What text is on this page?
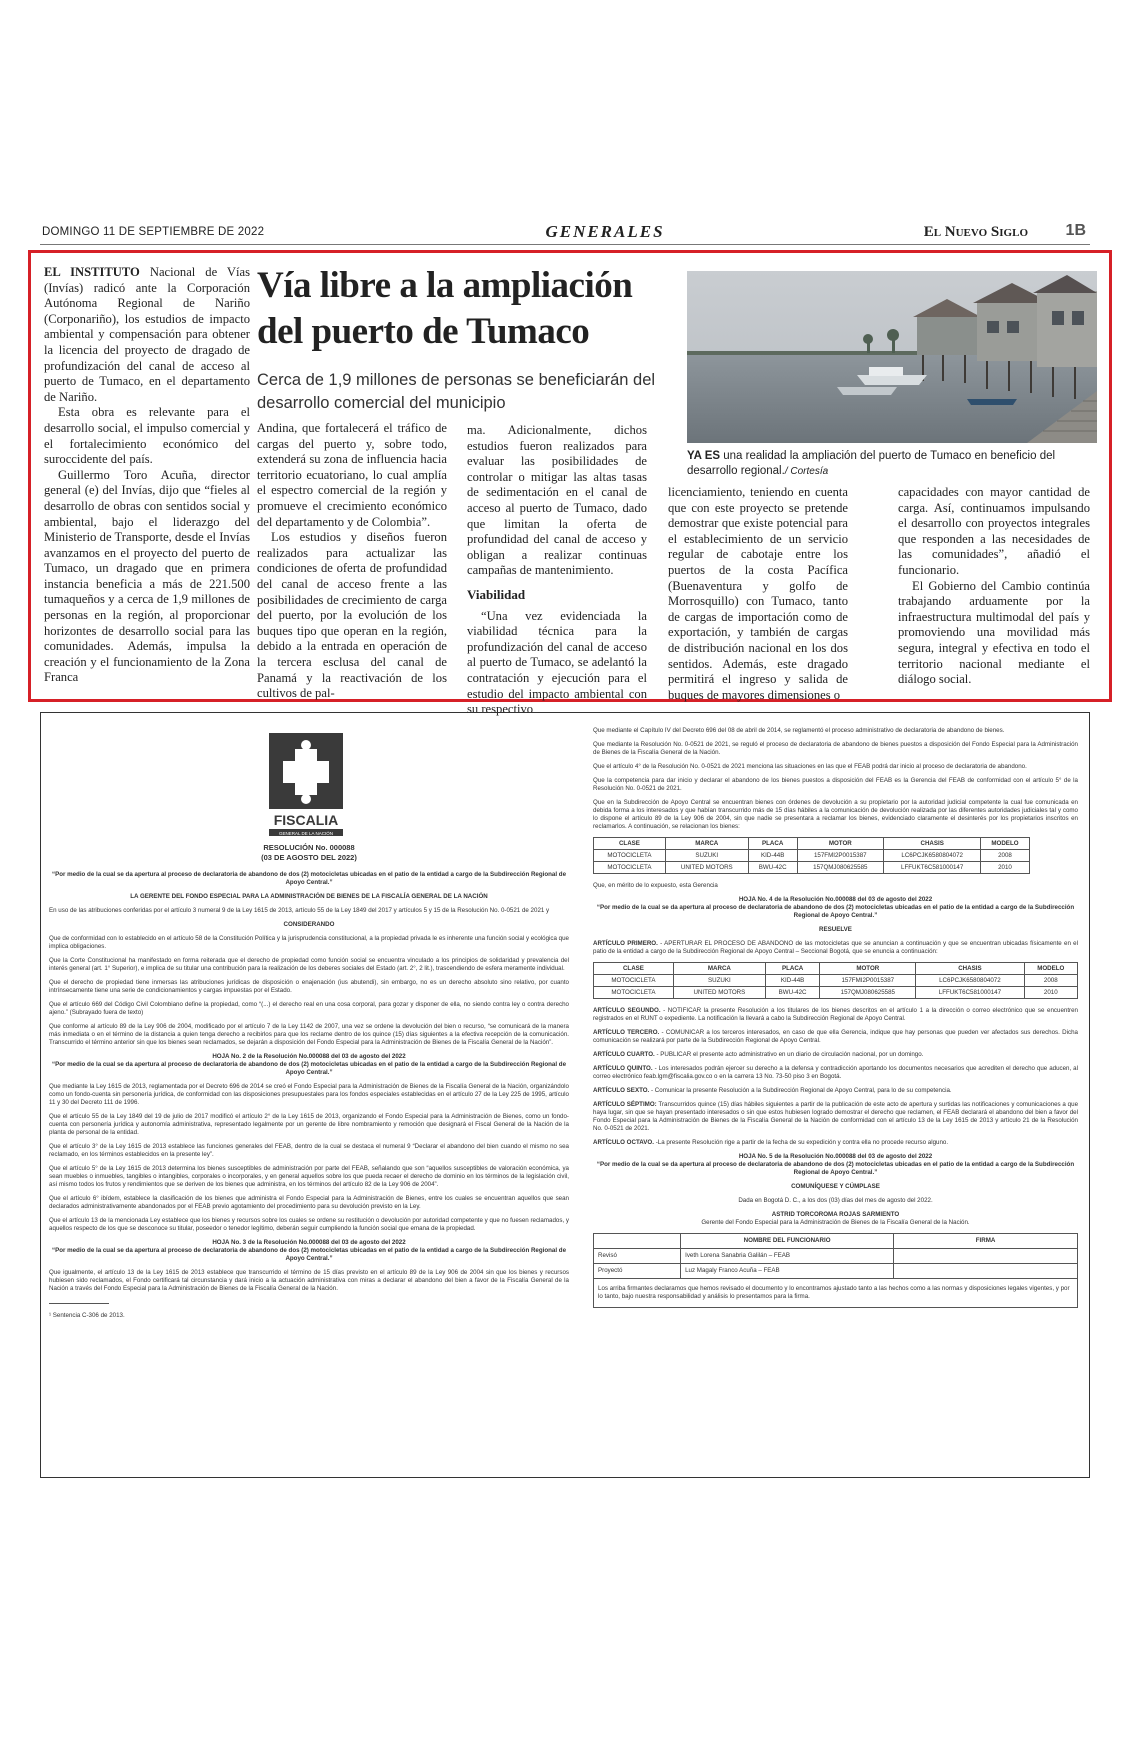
DOMINGO 11 DE SEPTIEMBRE DE 2022	GENERALES	El Nuevo Siglo 1B

EL INSTITUTO Nacional de Vías (Invías) radicó ante la Corporación Autónoma Regional de Nariño (Corponariño), los estudios de impacto ambiental y compensación para obtener la licencia del proyecto de dragado de profundización del canal de acceso al puerto de Tumaco, en el departamento de Nariño.

Esta obra es relevante para el desarrollo social, el impulso comercial y el fortalecimiento económico del suroccidente del país.

Guillermo Toro Acuña, director general (e) del Invías, dijo que “fieles al desarrollo de obras con sentidos social y ambiental, bajo el liderazgo del Ministerio de Transporte, desde el Invías avanzamos en el proyecto del puerto de Tumaco, un dragado que en primera instancia beneficia a más de 221.500 tumaqueños y a cerca de 1,9 millones de personas en la región, al proporcionar horizontes de desarrollo social para las comunidades. Además, impulsa la creación y el funcionamiento de la Zona Franca

Vía libre a la ampliación del puerto de Tumaco
Cerca de 1,9 millones de personas se beneficiarán del desarrollo comercial del municipio

Andina, que fortalecerá el tráfico de cargas del puerto y, sobre todo, extenderá su zona de influencia hacia territorio ecuatoriano, lo cual amplía el espectro comercial de la región y promueve el crecimiento económico del departamento y de Colombia”.

Los estudios y diseños fueron realizados para actualizar las condiciones de oferta de profundidad del canal de acceso frente a las posibilidades de crecimiento de carga del puerto, por la evolución de los buques tipo que operan en la región, debido a la entrada en operación de la tercera esclusa del canal de Panamá y la reactivación de los cultivos de pal-

ma. Adicionalmente, dichos estudios fueron realizados para evaluar las posibilidades de controlar o mitigar las altas tasas de sedimentación en el canal de acceso al puerto de Tumaco, dado que limitan la oferta de profundidad del canal de acceso y obligan a realizar continuas campañas de mantenimiento.

Viabilidad

“Una vez evidenciada la viabilidad técnica para la profundización del canal de acceso al puerto de Tumaco, se adelantó la contratación y ejecución para el estudio del impacto ambiental con su respectivo

YA ES una realidad la ampliación del puerto de Tumaco en beneficio del desarrollo regional./ Cortesía

licenciamiento, teniendo en cuenta que con este proyecto se pretende demostrar que existe potencial para el establecimiento de un servicio regular de cabotaje entre los puertos de la costa Pacífica (Buenaventura y golfo de Morrosquillo) con Tumaco, tanto de cargas de importación como de exportación, y también de cargas de distribución nacional en los dos sentidos. Además, este dragado permitirá el ingreso y salida de buques de mayores dimensiones o

capacidades con mayor cantidad de carga. Así, continuamos impulsando el desarrollo con proyectos integrales que responden a las necesidades de las comunidades”, añadió el funcionario.

El Gobierno del Cambio continúa trabajando arduamente por la infraestructura multimodal del país y promoviendo una movilidad más segura, integral y efectiva en todo el territorio nacional mediante el diálogo social.

FISCALIA
GENERAL DE LA NACIÓN

RESOLUCIÓN No. 000088
(03 DE AGOSTO DEL 2022)

“Por medio de la cual se da apertura al proceso de declaratoria de abandono de dos (2) motocicletas ubicadas en el patio de la entidad a cargo de la Subdirección Regional de Apoyo Central.”

LA GERENTE DEL FONDO ESPECIAL PARA LA ADMINISTRACIÓN DE BIENES DE LA FISCALÍA GENERAL DE LA NACIÓN

En uso de las atribuciones conferidas por el artículo 3 numeral 9 de la Ley 1615 de 2013, artículo 55 de la Ley 1849 del 2017 y artículos 5 y 15 de la Resolución No. 0-0521 de 2021 y

CONSIDERANDO

Que de conformidad con lo establecido en el artículo 58 de la Constitución Política y la jurisprudencia constitucional, a la propiedad privada le es inherente una función social y ecológica que implica obligaciones.

Que la Corte Constitucional ha manifestado en forma reiterada que el derecho de propiedad como función social se encuentra vinculado a los principios de solidaridad y prevalencia del interés general (art. 1° Superior), e implica de su titular una contribución para la realización de los deberes sociales del Estado (art. 2°, 2 lit.), trascendiendo de esfera meramente individual.

Que el derecho de propiedad tiene inmersas las atribuciones jurídicas de disposición o enajenación (ius abutendi), sin embargo, no es un derecho absoluto sino relativo, por cuanto intrínsecamente tiene una serie de condicionamientos y cargas impuestas por el Estado.

Que el artículo 669 del Código Civil Colombiano define la propiedad, como “(...) el derecho real en una cosa corporal, para gozar y disponer de ella, no siendo contra ley o contra derecho ajeno.” (Subrayado fuera de texto)

Que conforme al artículo 89 de la Ley 906 de 2004, modificado por el artículo 7 de la Ley 1142 de 2007, una vez se ordene la devolución del bien o recurso, “se comunicará de la manera más inmediata o en el término de la distancia a quien tenga derecho a recibirlos para que los reclame dentro de los quince (15) días siguientes a la efectiva recepción de la comunicación. Transcurrido el término anterior sin que los bienes sean reclamados, se dejarán a disposición del Fondo Especial para la Administración de Bienes de la Fiscalía General de la Nación”.

HOJA No. 2 de la Resolución No.000088 del 03 de agosto del 2022
“Por medio de la cual se da apertura al proceso de declaratoria de abandono de dos (2) motocicletas ubicadas en el patio de la entidad a cargo de la Subdirección Regional de Apoyo Central.”

Que mediante la Ley 1615 de 2013, reglamentada por el Decreto 696 de 2014 se creó el Fondo Especial para la Administración de Bienes de la Fiscalía General de la Nación, organizándolo como un fondo-cuenta sin personería jurídica, de conformidad con las disposiciones presupuestales para los fondos especiales establecidas en el artículo 27 de la Ley 225 de 1995, artículo 11 y 30 del Decreto 111 de 1996.

Que el artículo 55 de la Ley 1849 del 19 de julio de 2017 modificó el artículo 2° de la Ley 1615 de 2013, organizando el Fondo Especial para la Administración de Bienes, como un fondo-cuenta con personería jurídica y autonomía administrativa, representado legalmente por un gerente de libre nombramiento y remoción que designará el Fiscal General de la Nación de la planta de personal de la entidad.

Que el artículo 3° de la Ley 1615 de 2013 establece las funciones generales del FEAB, dentro de la cual se destaca el numeral 9 “Declarar el abandono del bien cuando el mismo no sea reclamado, en los términos establecidos en la presente ley”.

Que el artículo 5° de la Ley 1615 de 2013 determina los bienes susceptibles de administración por parte del FEAB, señalando que son “aquellos susceptibles de valoración económica, ya sean muebles o inmuebles, tangibles o intangibles, corporales o incorporales, y en general aquellos sobre los que pueda recaer el derecho de dominio en los términos de la legislación civil, así mismo todos los frutos y rendimientos que se deriven de los bienes que administra, en los términos del artículo 82 de la Ley 906 de 2004”.

Que el artículo 6° ibídem, establece la clasificación de los bienes que administra el Fondo Especial para la Administración de Bienes, entre los cuales se encuentran aquellos que sean declarados administrativamente abandonados por el FEAB previo agotamiento del procedimiento para su devolución previsto en la Ley.

Que el artículo 13 de la mencionada Ley establece que los bienes y recursos sobre los cuales se ordene su restitución o devolución por autoridad competente y que no fuesen reclamados, y aquellos respecto de los que se desconoce su titular, poseedor o tenedor legítimo, deberán seguir cumpliendo la función social que emana de la propiedad.

HOJA No. 3 de la Resolución No.000088 del 03 de agosto del 2022
“Por medio de la cual se da apertura al proceso de declaratoria de abandono de dos (2) motocicletas ubicadas en el patio de la entidad a cargo de la Subdirección Regional de Apoyo Central.”

Que igualmente, el artículo 13 de la Ley 1615 de 2013 establece que transcurrido el término de 15 días previsto en el artículo 89 de la Ley 906 de 2004 sin que los bienes y recursos hubiesen sido reclamados, el Fondo certificará tal circunstancia y dará inicio a la actuación administrativa con miras a declarar el abandono del bien a favor de la Fiscalía General de la Nación a través del Fondo Especial para la Administración de Bienes de la Fiscalía General de la Nación.

¹ Sentencia C-306 de 2013.

Que mediante el Capítulo IV del Decreto 696 del 08 de abril de 2014, se reglamentó el proceso administrativo de declaratoria de abandono de bienes.

Que mediante la Resolución No. 0-0521 de 2021, se reguló el proceso de declaratoria de abandono de bienes puestos a disposición del Fondo Especial para la Administración de Bienes de la Fiscalía General de la Nación.

Que el artículo 4° de la Resolución No. 0-0521 de 2021 menciona las situaciones en las que el FEAB podrá dar inicio al proceso de declaratoria de abandono.

Que la competencia para dar inicio y declarar el abandono de los bienes puestos a disposición del FEAB es la Gerencia del FEAB de conformidad con el artículo 5° de la Resolución No. 0-0521 de 2021.

Que en la Subdirección de Apoyo Central se encuentran bienes con órdenes de devolución a su propietario por la autoridad judicial competente la cual fue comunicada en debida forma a los interesados y que habían transcurrido más de 15 días hábiles a la comunicación de devolución realizada por las diferentes autoridades judiciales tal y como lo dispone el artículo 89 de la Ley 906 de 2004, sin que nadie se presentara a reclamar los bienes, evidenciado claramente el desinterés por los propietarios inscritos en reclamarlos. A continuación, se relacionan los bienes:

CLASE	MARCA	PLACA	MOTOR	CHASIS	MODELO
MOTOCICLETA	SUZUKI	KID-44B	157FMI2P0015387	LC6PCJK6580804072	2008
MOTOCICLETA	UNITED MOTORS	BWU-42C	157QMJ080625585	LFFUKT6C581000147	2010

Que, en mérito de lo expuesto, esta Gerencia

HOJA No. 4 de la Resolución No.000088 del 03 de agosto del 2022
“Por medio de la cual se da apertura al proceso de declaratoria de abandono de dos (2) motocicletas ubicadas en el patio de la entidad a cargo de la Subdirección Regional de Apoyo Central.”

RESUELVE

ARTÍCULO PRIMERO. - APERTURAR EL PROCESO DE ABANDONO de las motocicletas que se anuncian a continuación y que se encuentran ubicadas físicamente en el patio de la entidad a cargo de la Subdirección Regional de Apoyo Central – Seccional Bogotá, que se enuncia a continuación:

CLASE	MARCA	PLACA	MOTOR	CHASIS	MODELO
MOTOCICLETA	SUZUKI	KID-44B	157FMI2P0015387	LC6PCJK6580804072	2008
MOTOCICLETA	UNITED MOTORS	BWU-42C	157QMJ080625585	LFFUKT6C581000147	2010

ARTÍCULO SEGUNDO. - NOTIFICAR la presente Resolución a los titulares de los bienes descritos en el artículo 1 a la dirección o correo electrónico que se encuentren registrados en el RUNT o expediente. La notificación la llevará a cabo la Subdirección Regional de Apoyo Central.

ARTÍCULO TERCERO. - COMUNICAR a los terceros interesados, en caso de que ella Gerencia, indique que hay personas que pueden ver afectados sus derechos. Dicha comunicación se realizará por parte de la Subdirección Regional de Apoyo Central.

ARTÍCULO CUARTO. - PUBLICAR el presente acto administrativo en un diario de circulación nacional, por un domingo.

ARTÍCULO QUINTO. - Los interesados podrán ejercer su derecho a la defensa y contradicción aportando los documentos necesarios que acrediten el derecho que aducen, al correo electrónico feab.lgm@fiscalia.gov.co o en la carrera 13 No. 73-50 piso 3 en Bogotá.

ARTÍCULO SEXTO. - Comunicar la presente Resolución a la Subdirección Regional de Apoyo Central, para lo de su competencia.

ARTÍCULO SÉPTIMO: Transcurridos quince (15) días hábiles siguientes a partir de la publicación de este acto de apertura y surtidas las notificaciones y comunicaciones a que haya lugar, sin que se hayan presentado interesados o sin que estos hubiesen logrado demostrar el derecho que reclamen, el FEAB declarará el abandono del bien a favor del Fondo Especial para la Administración de Bienes de la Fiscalía General de la Nación de conformidad con el artículo 13 de la Ley 1615 de 2013 y artículo 21 de la Resolución No. 0-0521 de 2021.

ARTÍCULO OCTAVO. -La presente Resolución rige a partir de la fecha de su expedición y contra ella no procede recurso alguno.

HOJA No. 5 de la Resolución No.000088 del 03 de agosto del 2022
“Por medio de la cual se da apertura al proceso de declaratoria de abandono de dos (2) motocicletas ubicadas en el patio de la entidad a cargo de la Subdirección Regional de Apoyo Central.”

COMUNÍQUESE Y CÚMPLASE

Dada en Bogotá D. C., a los dos (03) días del mes de agosto del 2022.

ASTRID TORCOROMA ROJAS SARMIENTO

Gerente del Fondo Especial para la Administración de Bienes de la Fiscalía General de la Nación.

	NOMBRE DEL FUNCIONARIO	FIRMA
Revisó	Iveth Lorena Sanabria Galilán – FEAB	
Proyectó	Luz Magaly Franco Acuña – FEAB	
Los arriba firmantes declaramos que hemos revisado el documento y lo encontramos ajustado tanto a las hechos como a las normas y disposiciones legales vigentes, y por lo tanto, bajo nuestra responsabilidad y análisis lo presentamos para la firma.		
